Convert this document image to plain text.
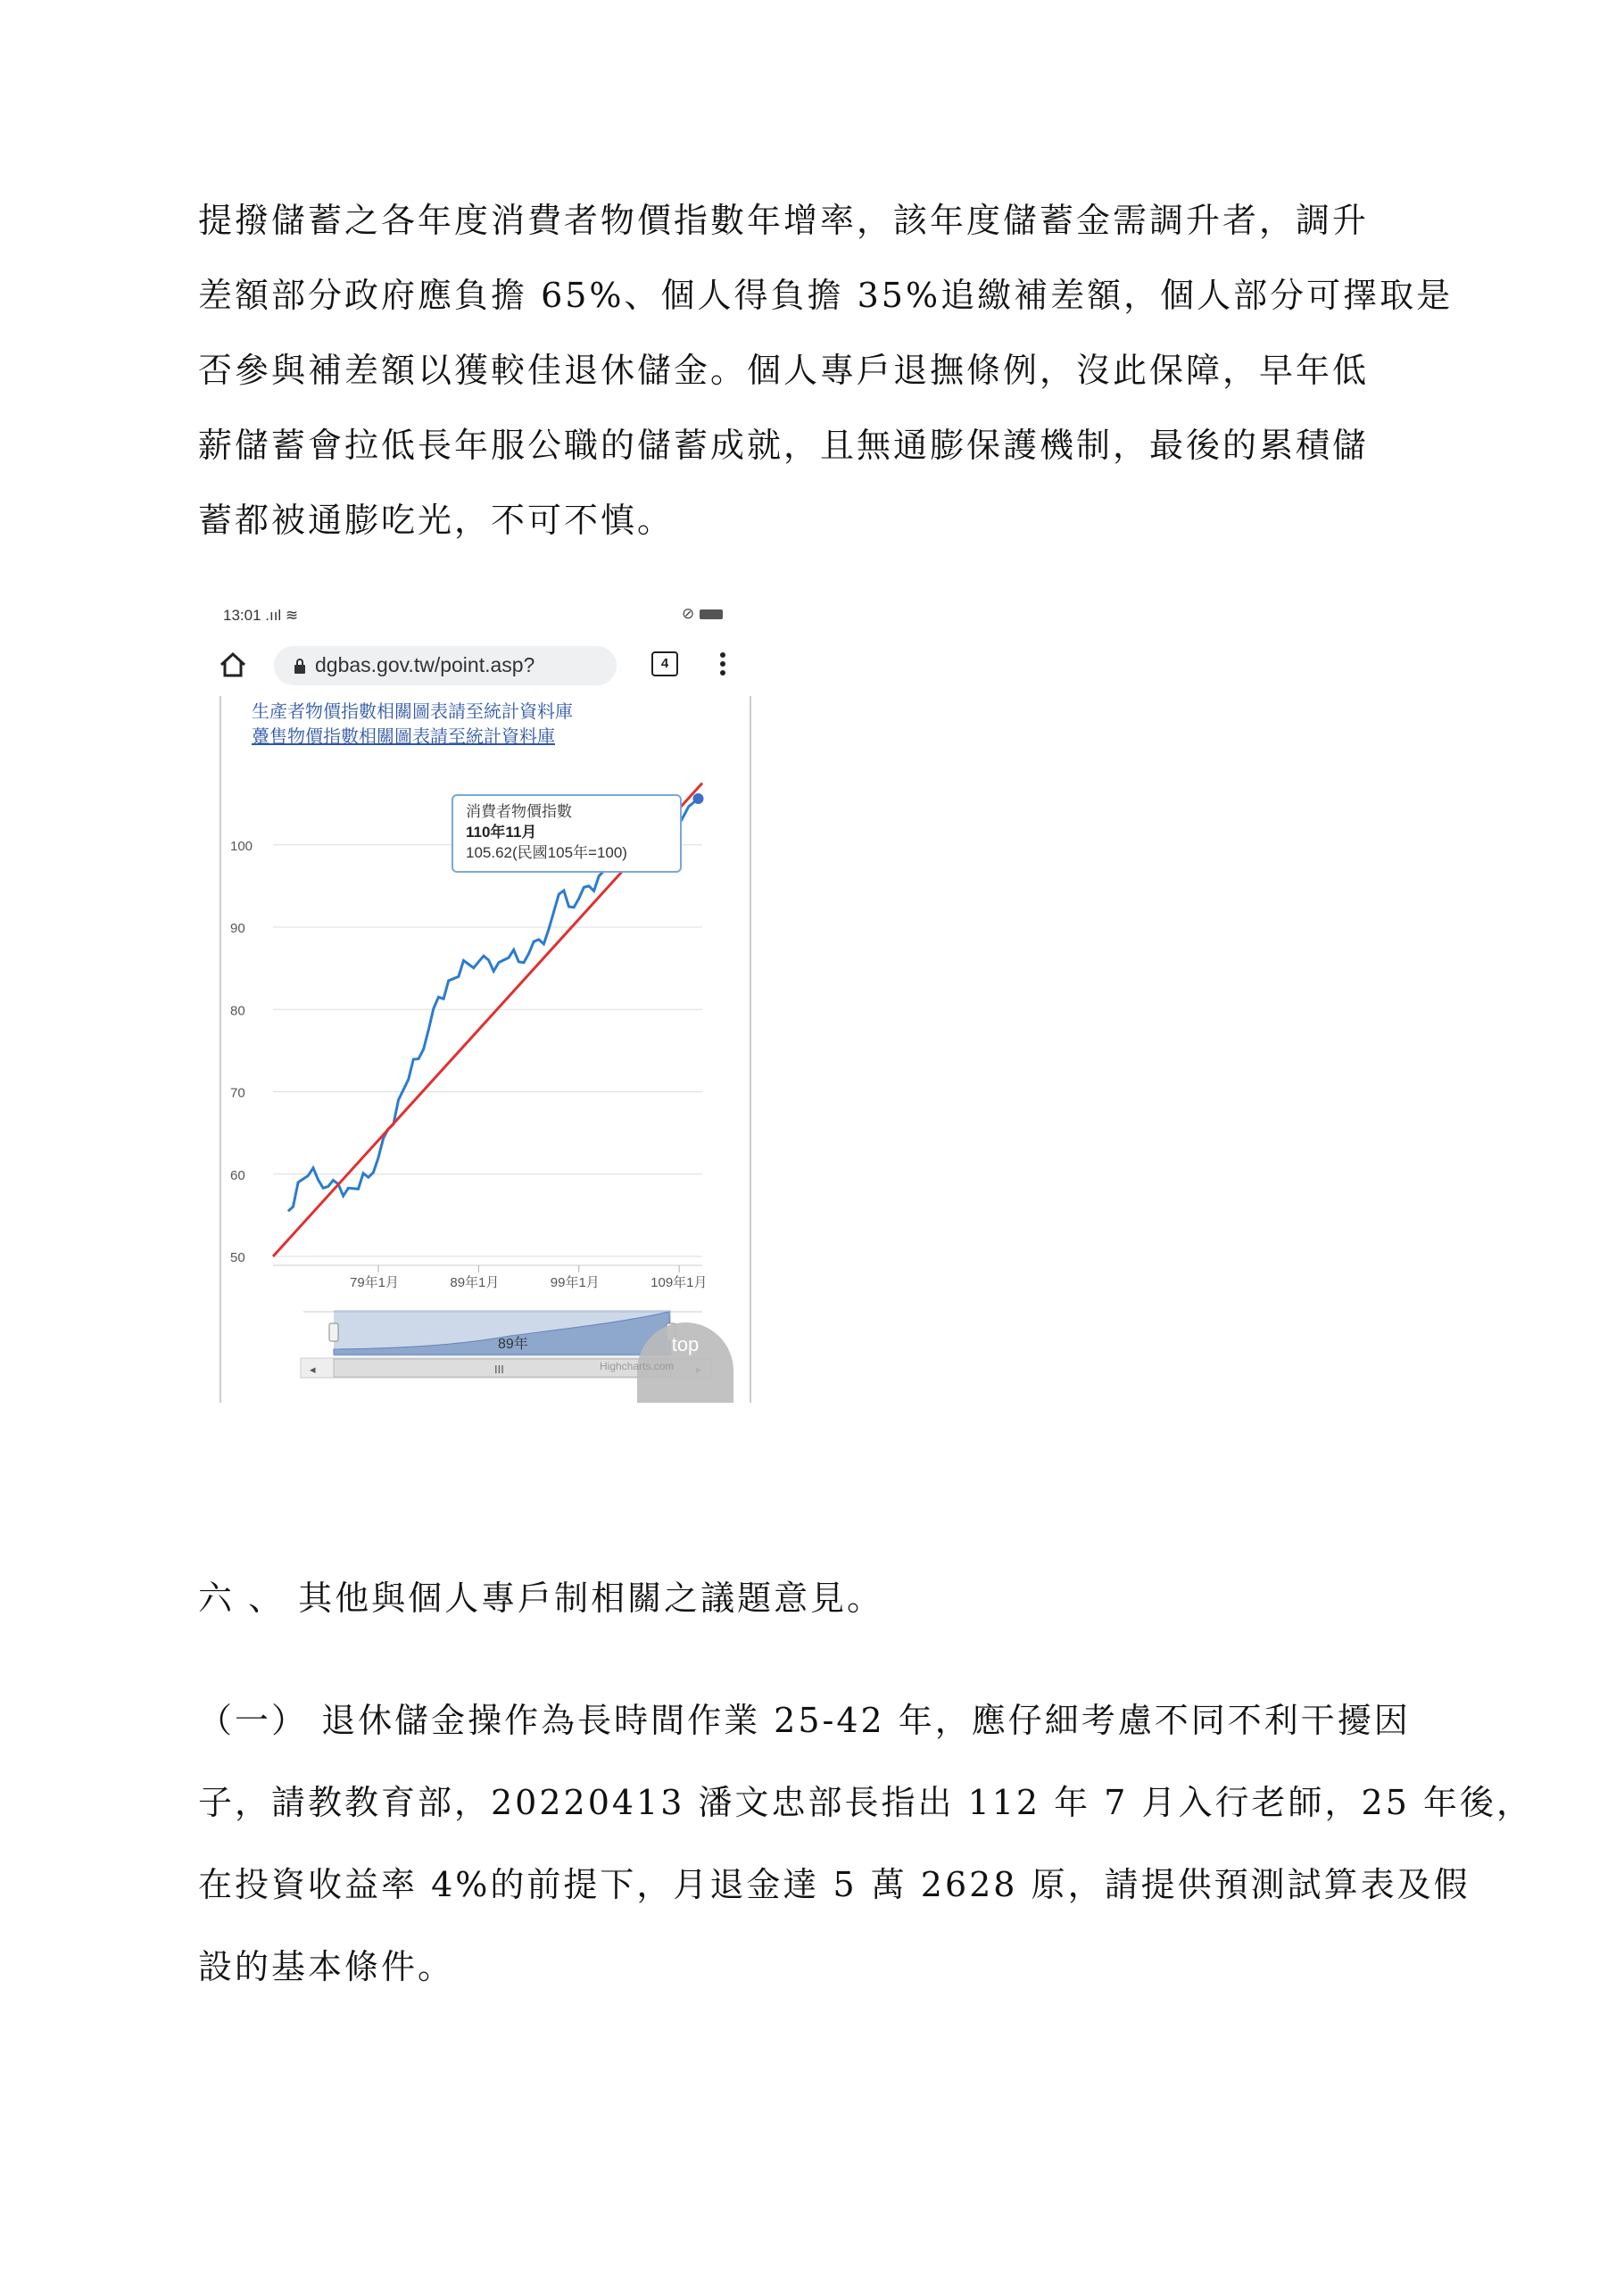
提撥儲蓄之各年度消費者物價指數年增率，該年度儲蓄金需調升者，調升
差額部分政府應負擔 65%、個人得負擔 35%追繳補差額，個人部分可擇取是
否參與補差額以獲較佳退休儲金。個人專戶退撫條例，沒此保障，早年低
薪儲蓄會拉低長年服公職的儲蓄成就，且無通膨保護機制，最後的累積儲
蓄都被通膨吃光，不可不慎。
13:01 .ııl ≋	⊘
dgbas.gov.tw/point.asp?	4
生產者物價指數相關圖表請至統計資料庫
躉售物價指數相關圖表請至統計資料庫
50
60
70
80
90
100
79年1月	89年1月	99年1月	109年1月
消費者物價指數
110年11月
105.62(民國105年=100)
89年
III
◂
top
Highcharts.com
六 、 其他與個人專戶制相關之議題意見。
（一） 退休儲金操作為長時間作業 25-42 年，應仔細考慮不同不利干擾因
子，請教教育部，20220413 潘文忠部長指出 112 年 7 月入行老師，25 年後，
在投資收益率 4%的前提下，月退金達 5 萬 2628 原，請提供預測試算表及假
設的基本條件。
